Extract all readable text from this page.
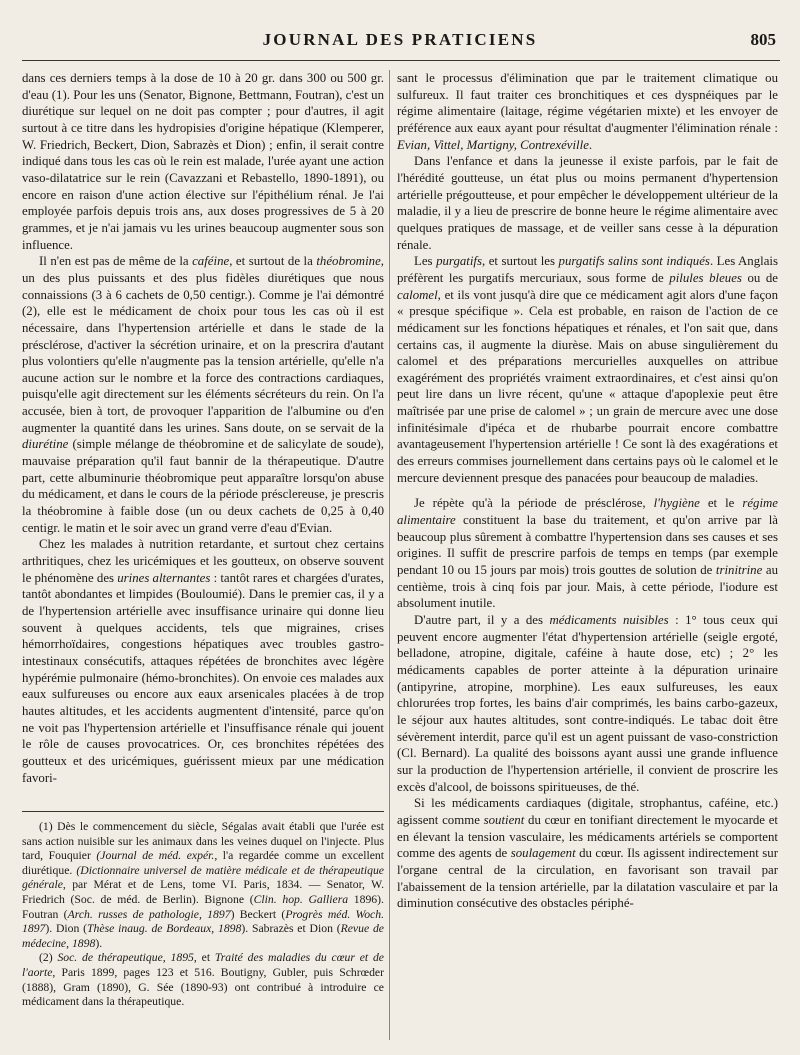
JOURNAL DES PRATICIENS	805

dans ces derniers temps à la dose de 10 à 20 gr. dans 300 ou 500 gr. d'eau (1). Pour les uns (Senator, Bignone, Bettmann, Foutran), c'est un diurétique sur lequel on ne doit pas compter ; pour d'autres, il agit surtout à ce titre dans les hydropisies d'origine hépatique (Klemperer, W. Friedrich, Beckert, Dion, Sabrazès et Dion) ; enfin, il serait contre indiqué dans tous les cas où le rein est malade, l'urée ayant une action vaso-dilatatrice sur le rein (Cavazzani et Rebastello, 1890-1891), ou encore en raison d'une action élective sur l'épithélium rénal. Je l'ai employée parfois depuis trois ans, aux doses progressives de 5 à 20 grammes, et je n'ai jamais vu les urines beaucoup augmenter sous son influence.

Il n'en est pas de même de la caféine, et surtout de la théobromine, un des plus puissants et des plus fidèles diurétiques que nous connaissions (3 à 6 cachets de 0,50 centigr.). Comme je l'ai démontré (2), elle est le médicament de choix pour tous les cas où il est nécessaire, dans l'hypertension artérielle et dans le stade de la présclérose, d'activer la sécrétion urinaire, et on la prescrira d'autant plus volontiers qu'elle n'augmente pas la tension artérielle, qu'elle n'a aucune action sur le nombre et la force des contractions cardiaques, puisqu'elle agit directement sur les éléments sécréteurs du rein. On l'a accusée, bien à tort, de provoquer l'apparition de l'albumine ou d'en augmenter la quantité dans les urines. Sans doute, on se servait de la diurétine (simple mélange de théobromine et de salicylate de soude), mauvaise préparation qu'il faut bannir de la thérapeutique. D'autre part, cette albuminurie théobromique peut apparaître lorsqu'on abuse du médicament, et dans le cours de la période présclereuse, je prescris la théobromine à faible dose (un ou deux cachets de 0,25 à 0,40 centigr. le matin et le soir avec un grand verre d'eau d'Evian.

Chez les malades à nutrition retardante, et surtout chez certains arthritiques, chez les uricémiques et les goutteux, on observe souvent le phénomène des urines alternantes : tantôt rares et chargées d'urates, tantôt abondantes et limpides (Bouloumié). Dans le premier cas, il y a de l'hypertension artérielle avec insuffisance urinaire qui donne lieu souvent à quelques accidents, tels que migraines, crises hémorrhoïdaires, congestions hépatiques avec troubles gastro-intestinaux consécutifs, attaques répétées de bronchites avec légère hypérémie pulmonaire (hémo-bronchites). On envoie ces malades aux eaux sulfureuses ou encore aux eaux arsenicales placées à de trop hautes altitudes, et les accidents augmentent d'intensité, parce qu'on ne voit pas l'hypertension artérielle et l'insuffisance rénale qui jouent le rôle de causes provocatrices. Or, ces bronchites répétées des goutteux et des uricémiques, guérissent mieux par une médication favori-

(1) Dès le commencement du siècle, Ségalas avait établi que l'urée est sans action nuisible sur les animaux dans les veines duquel on l'injecte. Plus tard, Fouquier (Journal de méd. expér., l'a regardée comme un excellent diurétique. (Dictionnaire universel de matière médicale et de thérapeutique générale, par Mérat et de Lens, tome VI. Paris, 1834. — Senator, W. Friedrich (Soc. de méd. de Berlin). Bignone (Clin. hop. Galliera 1896). Foutran (Arch. russes de pathologie, 1897) Beckert (Progrès méd. Woch. 1897). Dion (Thèse inaug. de Bordeaux, 1898). Sabrazès et Dion (Revue de médecine, 1898).

(2) Soc. de thérapeutique, 1895, et Traité des maladies du cœur et de l'aorte, Paris 1899, pages 123 et 516. Boutigny, Gubler, puis Schrœder (1888), Gram (1890), G. Sée (1890-93) ont contribué à introduire ce médicament dans la thérapeutique.

sant le processus d'élimination que par le traitement climatique ou sulfureux. Il faut traiter ces bronchitiques et ces dyspnéiques par le régime alimentaire (laitage, régime végétarien mixte) et les envoyer de préférence aux eaux ayant pour résultat d'augmenter l'élimination rénale : Evian, Vittel, Martigny, Contrexéville.

Dans l'enfance et dans la jeunesse il existe parfois, par le fait de l'hérédité goutteuse, un état plus ou moins permanent d'hypertension artérielle prégoutteuse, et pour empêcher le développement ultérieur de la maladie, il y a lieu de prescrire de bonne heure le régime alimentaire avec quelques pratiques de massage, et de veiller sans cesse à la dépuration rénale.

Les purgatifs, et surtout les purgatifs salins sont indiqués. Les Anglais préfèrent les purgatifs mercuriaux, sous forme de pilules bleues ou de calomel, et ils vont jusqu'à dire que ce médicament agit alors d'une façon « presque spécifique ». Cela est probable, en raison de l'action de ce médicament sur les fonctions hépatiques et rénales, et l'on sait que, dans certains cas, il augmente la diurèse. Mais on abuse singulièrement du calomel et des préparations mercurielles auxquelles on attribue exagérément des propriétés vraiment extraordinaires, et c'est ainsi qu'on peut lire dans un livre récent, qu'une « attaque d'apoplexie peut être maîtrisée par une prise de calomel » ; un grain de mercure avec une dose infinitésimale d'ipéca et de rhubarbe pourrait encore combattre avantageusement l'hypertension artérielle ! Ce sont là des exagérations et des erreurs commises journellement dans certains pays où le calomel et le mercure deviennent presque des panacées pour beaucoup de maladies.

Je répète qu'à la période de présclérose, l'hygiène et le régime alimentaire constituent la base du traitement, et qu'on arrive par là beaucoup plus sûrement à combattre l'hypertension dans ses causes et ses origines. Il suffit de prescrire parfois de temps en temps (par exemple pendant 10 ou 15 jours par mois) trois gouttes de solution de trinitrine au centième, trois à cinq fois par jour. Mais, à cette période, l'iodure est absolument inutile.

D'autre part, il y a des médicaments nuisibles : 1° tous ceux qui peuvent encore augmenter l'état d'hypertension artérielle (seigle ergoté, belladone, atropine, digitale, caféine à haute dose, etc) ; 2° les médicaments capables de porter atteinte à la dépuration urinaire (antipyrine, atropine, morphine). Les eaux sulfureuses, les eaux chlorurées trop fortes, les bains d'air comprimés, les bains carbo-gazeux, le séjour aux hautes altitudes, sont contre-indiqués. Le tabac doit être sévèrement interdit, parce qu'il est un agent puissant de vaso-constriction (Cl. Bernard). La qualité des boissons ayant aussi une grande influence sur la production de l'hypertension artérielle, il convient de proscrire les excès d'alcool, de boissons spiritueuses, de thé.

Si les médicaments cardiaques (digitale, strophantus, caféine, etc.) agissent comme soutient du cœur en tonifiant directement le myocarde et en élevant la tension vasculaire, les médicaments artériels se comportent comme des agents de soulagement du cœur. Ils agissent indirectement sur l'organe central de la circulation, en favorisant son travail par l'abaissement de la tension artérielle, par la dilatation vasculaire et par la diminution consécutive des obstacles périphé-
